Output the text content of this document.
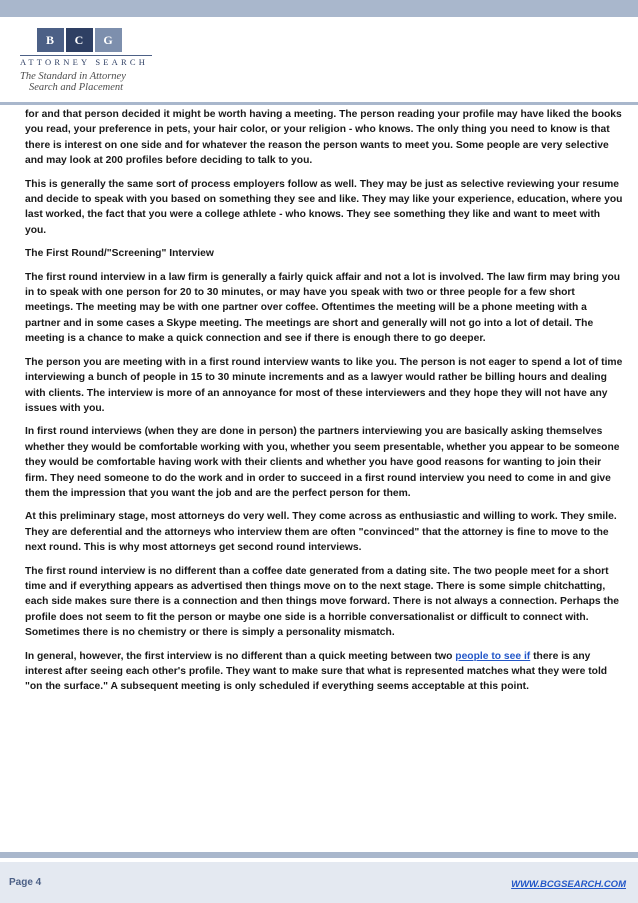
B	C	G
ATTORNEY SEARCH
The Standard in Attorney
Search and Placement

for and that person decided it might be worth having a meeting. The person reading your profile may have liked the books you read, your preference in pets, your hair color, or your religion - who knows. The only thing you need to know is that there is interest on one side and for whatever the reason the person wants to meet you. Some people are very selective and may look at 200 profiles before deciding to talk to you.

This is generally the same sort of process employers follow as well. They may be just as selective reviewing your resume and decide to speak with you based on something they see and like. They may like your experience, education, where you last worked, the fact that you were a college athlete - who knows. They see something they like and want to meet with you.

The First Round/"Screening" Interview

The first round interview in a law firm is generally a fairly quick affair and not a lot is involved. The law firm may bring you in to speak with one person for 20 to 30 minutes, or may have you speak with two or three people for a few short meetings. The meeting may be with one partner over coffee. Oftentimes the meeting will be a phone meeting with a partner and in some cases a Skype meeting. The meetings are short and generally will not go into a lot of detail. The meeting is a chance to make a quick connection and see if there is enough there to go deeper.

The person you are meeting with in a first round interview wants to like you. The person is not eager to spend a lot of time interviewing a bunch of people in 15 to 30 minute increments and as a lawyer would rather be billing hours and dealing with clients. The interview is more of an annoyance for most of these interviewers and they hope they will not have any issues with you.

In first round interviews (when they are done in person) the partners interviewing you are basically asking themselves whether they would be comfortable working with you, whether you seem presentable, whether you appear to be someone they would be comfortable having work with their clients and whether you have good reasons for wanting to join their firm. They need someone to do the work and in order to succeed in a first round interview you need to come in and give them the impression that you want the job and are the perfect person for them.

At this preliminary stage, most attorneys do very well. They come across as enthusiastic and willing to work. They smile. They are deferential and the attorneys who interview them are often "convinced" that the attorney is fine to move to the next round. This is why most attorneys get second round interviews.

The first round interview is no different than a coffee date generated from a dating site. The two people meet for a short time and if everything appears as advertised then things move on to the next stage. There is some simple chitchatting, each side makes sure there is a connection and then things move forward. There is not always a connection. Perhaps the profile does not seem to fit the person or maybe one side is a horrible conversationalist or difficult to connect with. Sometimes there is no chemistry or there is simply a personality mismatch.

In general, however, the first interview is no different than a quick meeting between two people to see if there is any interest after seeing each other's profile. They want to make sure that what is represented matches what they were told "on the surface." A subsequent meeting is only scheduled if everything seems acceptable at this point.

Page 4	WWW.BCGSEARCH.COM
